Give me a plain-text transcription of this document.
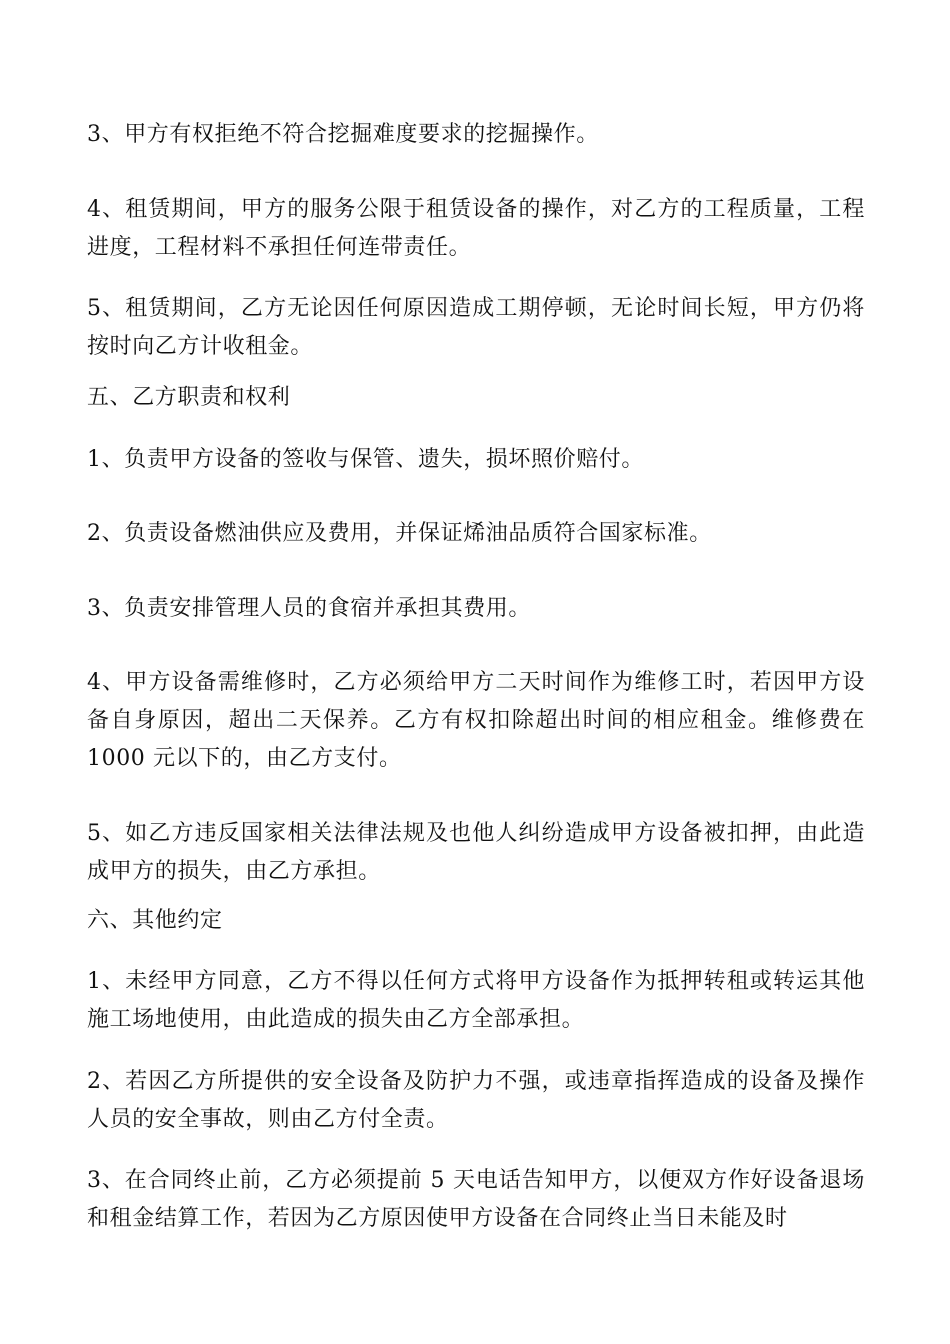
3、甲方有权拒绝不符合挖掘难度要求的挖掘操作。

4、租赁期间，甲方的服务公限于租赁设备的操作，对乙方的工程质量，工程进度，工程材料不承担任何连带责任。

5、租赁期间，乙方无论因任何原因造成工期停顿，无论时间长短，甲方仍将按时向乙方计收租金。

五、乙方职责和权利

1、负责甲方设备的签收与保管、遗失，损坏照价赔付。

2、负责设备燃油供应及费用，并保证烯油品质符合国家标准。

3、负责安排管理人员的食宿并承担其费用。

4、甲方设备需维修时，乙方必须给甲方二天时间作为维修工时，若因甲方设备自身原因，超出二天保养。乙方有权扣除超出时间的相应租金。维修费在 1000 元以下的，由乙方支付。

5、如乙方违反国家相关法律法规及也他人纠纷造成甲方设备被扣押，由此造成甲方的损失，由乙方承担。

六、其他约定

1、未经甲方同意，乙方不得以任何方式将甲方设备作为抵押转租或转运其他施工场地使用，由此造成的损失由乙方全部承担。

2、若因乙方所提供的安全设备及防护力不强，或违章指挥造成的设备及操作人员的安全事故，则由乙方付全责。

3、在合同终止前，乙方必须提前 5 天电话告知甲方，以便双方作好设备退场和租金结算工作，若因为乙方原因使甲方设备在合同终止当日未能及时
